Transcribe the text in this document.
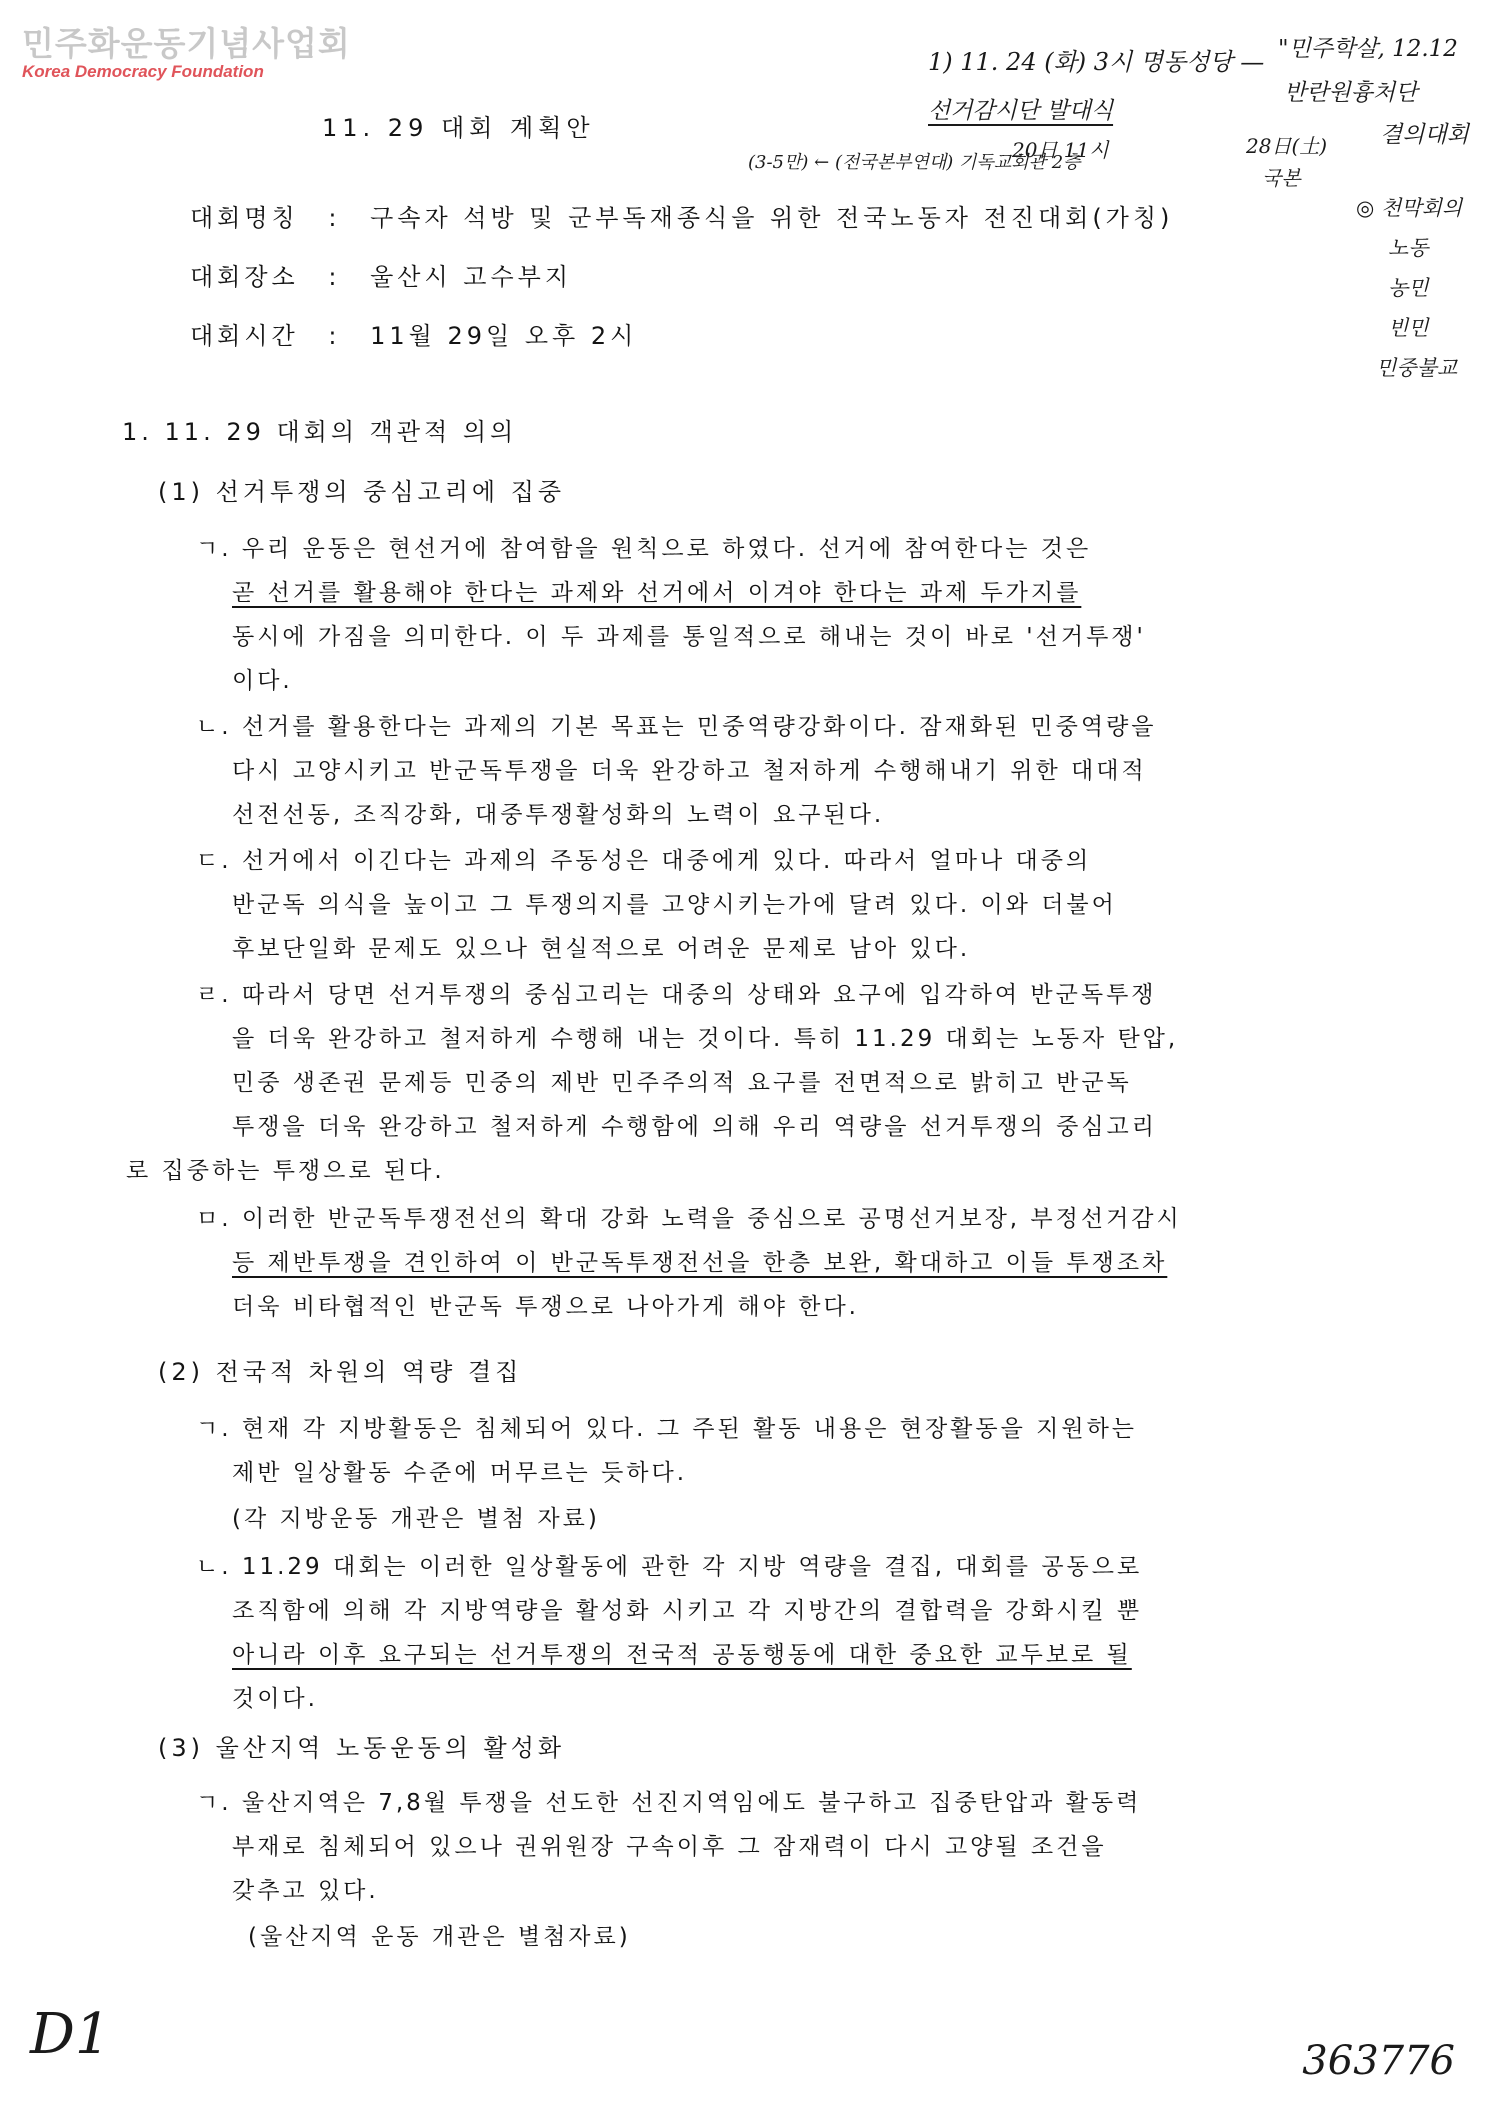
민주화운동기념사업회
Korea Democracy Foundation
11. 29 대회 계획안
대회명칭 : 구속자 석방 및 군부독재종식을 위한 전국노동자 전진대회(가칭)
대회장소 : 울산시 고수부지
대회시간 : 11월 29일 오후 2시
1. 11. 29 대회의 객관적 의의
(1) 선거투쟁의 중심고리에 집중
ㄱ. 우리 운동은 현선거에 참여함을 원칙으로 하였다. 선거에 참여한다는 것은
곧 선거를 활용해야 한다는 과제와 선거에서 이겨야 한다는 과제 두가지를
동시에 가짐을 의미한다. 이 두 과제를 통일적으로 해내는 것이 바로 '선거투쟁'
이다.
ㄴ. 선거를 활용한다는 과제의 기본 목표는 민중역량강화이다. 잠재화된 민중역량을
다시 고양시키고 반군독투쟁을 더욱 완강하고 철저하게 수행해내기 위한 대대적
선전선동, 조직강화, 대중투쟁활성화의 노력이 요구된다.
ㄷ. 선거에서 이긴다는 과제의 주동성은 대중에게 있다. 따라서 얼마나 대중의
반군독 의식을 높이고 그 투쟁의지를 고양시키는가에 달려 있다. 이와 더불어
후보단일화 문제도 있으나 현실적으로 어려운 문제로 남아 있다.
ㄹ. 따라서 당면 선거투쟁의 중심고리는 대중의 상태와 요구에 입각하여 반군독투쟁
을 더욱 완강하고 철저하게 수행해 내는 것이다. 특히 11.29 대회는 노동자 탄압,
민중 생존권 문제등 민중의 제반 민주주의적 요구를 전면적으로 밝히고 반군독
투쟁을 더욱 완강하고 철저하게 수행함에 의해 우리 역량을 선거투쟁의 중심고리
로 집중하는 투쟁으로 된다.
ㅁ. 이러한 반군독투쟁전선의 확대 강화 노력을 중심으로 공명선거보장, 부정선거감시
등 제반투쟁을 견인하여 이 반군독투쟁전선을 한층 보완, 확대하고 이들 투쟁조차
더욱 비타협적인 반군독 투쟁으로 나아가게 해야 한다.
(2) 전국적 차원의 역량 결집
ㄱ. 현재 각 지방활동은 침체되어 있다. 그 주된 활동 내용은 현장활동을 지원하는
제반 일상활동 수준에 머무르는 듯하다.
(각 지방운동 개관은 별첨 자료)
ㄴ. 11.29 대회는 이러한 일상활동에 관한 각 지방 역량을 결집, 대회를 공동으로
조직함에 의해 각 지방역량을 활성화 시키고 각 지방간의 결합력을 강화시킬 뿐
아니라 이후 요구되는 선거투쟁의 전국적 공동행동에 대한 중요한 교두보로 될
것이다.
(3) 울산지역 노동운동의 활성화
ㄱ. 울산지역은 7,8월 투쟁을 선도한 선진지역임에도 불구하고 집중탄압과 활동력
부재로 침체되어 있으나 권위원장 구속이후 그 잠재력이 다시 고양될 조건을
갖추고 있다.
(울산지역 운동 개관은 별첨자료)
1) 11. 24 (화) 3시 명동성당 —
선거감시단 발대식
20日 11시
(3-5만) ← (전국본부연대) 기독교회관 2층
"민주학살, 12.12
반란원흉처단
결의대회
28日(土)
국본
◎ 천막회의
노동
농민
빈민
민중불교
D1	363776
